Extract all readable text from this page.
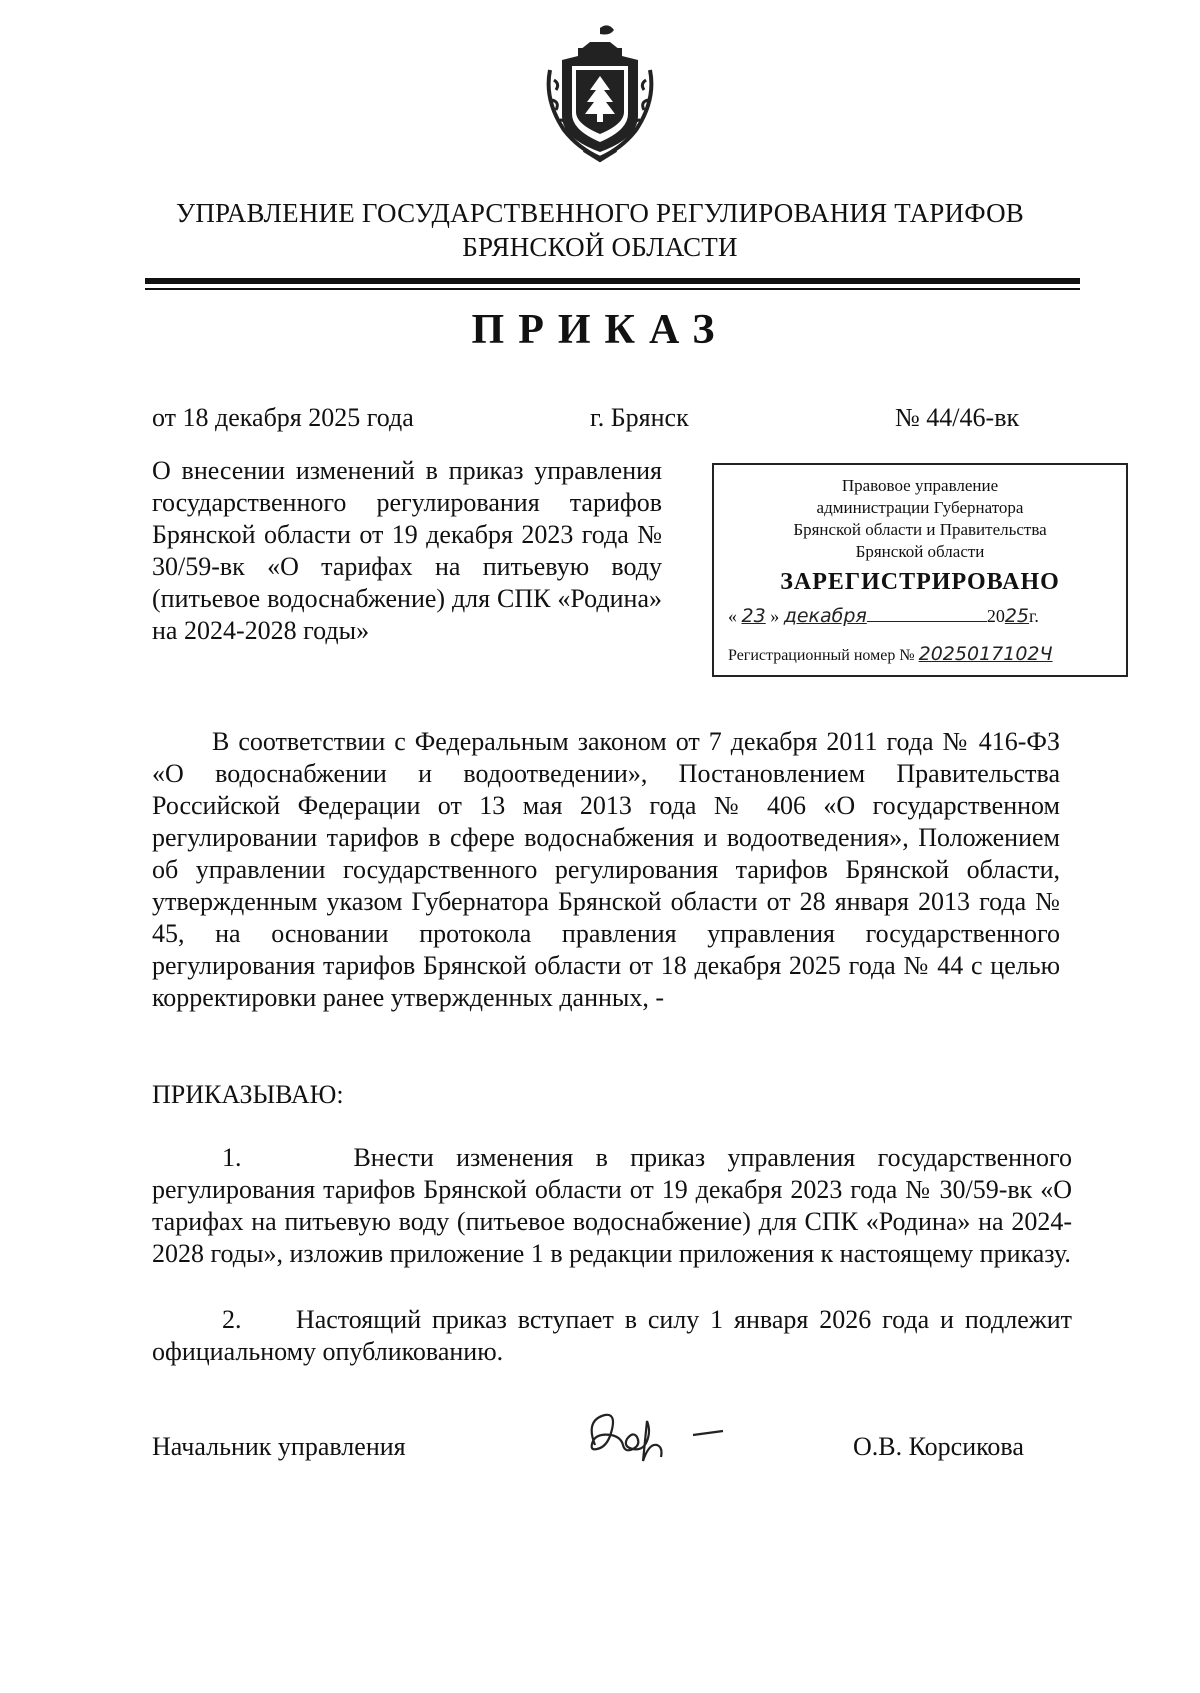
УПРАВЛЕНИЕ ГОСУДАРСТВЕННОГО РЕГУЛИРОВАНИЯ ТАРИФОВ
БРЯНСКОЙ ОБЛАСТИ
ПРИКАЗ
от 18 декабря 2025 года	г. Брянск	№ 44/46-вк
О внесении изменений в приказ управления государственного регулирования тарифов Брянской области от 19 декабря 2023 года № 30/59-вк «О тарифах на питьевую воду (питьевое водоснабжение) для СПК «Родина» на 2024-2028 годы»
Правовое управление
администрации Губернатора
Брянской области и Правительства
Брянской области
ЗАРЕГИСТРИРОВАНО
« 23 » декабря	2025г.
Регистрационный номер № 2025017102Ч
В соответствии с Федеральным законом от 7 декабря 2011 года № 416-ФЗ «О водоснабжении и водоотведении», Постановлением Правительства Российской Федерации от 13 мая 2013 года № 406 «О государственном регулировании тарифов в сфере водоснабжения и водоотведения», Положением об управлении государственного регулирования тарифов Брянской области, утвержденным указом Губернатора Брянской области от 28 января 2013 года № 45, на основании протокола правления управления государственного регулирования тарифов Брянской области от 18 декабря 2025 года № 44 с целью корректировки ранее утвержденных данных, -
ПРИКАЗЫВАЮ:
1.     Внести изменения в приказ управления государственного регулирования тарифов Брянской области от 19 декабря 2023 года № 30/59-вк «О тарифах на питьевую воду (питьевое водоснабжение) для СПК «Родина» на 2024-2028 годы», изложив приложение 1 в редакции приложения к настоящему приказу.
2.     Настоящий приказ вступает в силу 1 января 2026 года и подлежит официальному опубликованию.
Начальник управления	О.В. Корсикова
